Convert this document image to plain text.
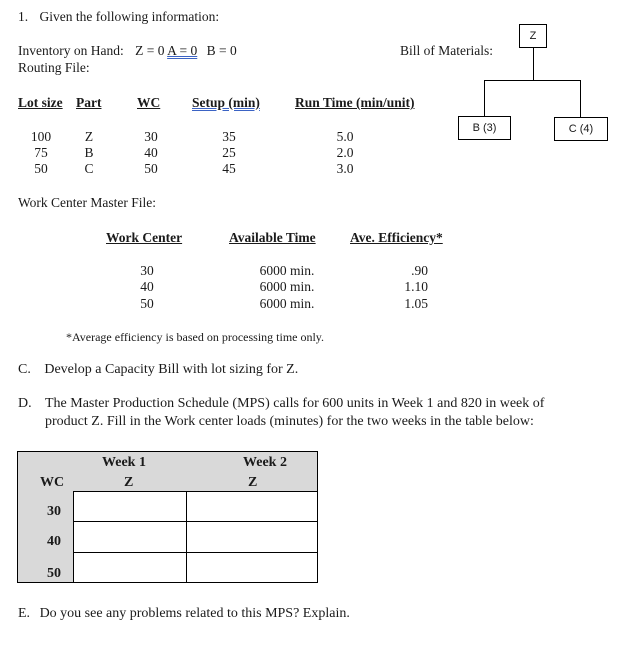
1. Given the following information:
Inventory on Hand: Z = 0 A = 0 B = 0
Routing File:
Bill of Materials:
Z
B (3)	C (4)
Lot size Part	WC Setup (min)	Run Time (min/unit)
100	Z	30	35	5.0
75	B	40	25	2.0
50	C	50	45	3.0
Work Center Master File:
Work Center	Available Time	Ave. Efficiency*
30	6000 min.	.90
40	6000 min.	1.10
50	6000 min.	1.05
*Average efficiency is based on processing time only.
C. Develop a Capacity Bill with lot sizing for Z.
D. The Master Production Schedule (MPS) calls for 600 units in Week 1 and 820 in week of
product Z. Fill in the Work center loads (minutes) for the two weeks in the table below:
Week 1	Week 2
WC	Z	Z
30
40
50
E. Do you see any problems related to this MPS? Explain.
